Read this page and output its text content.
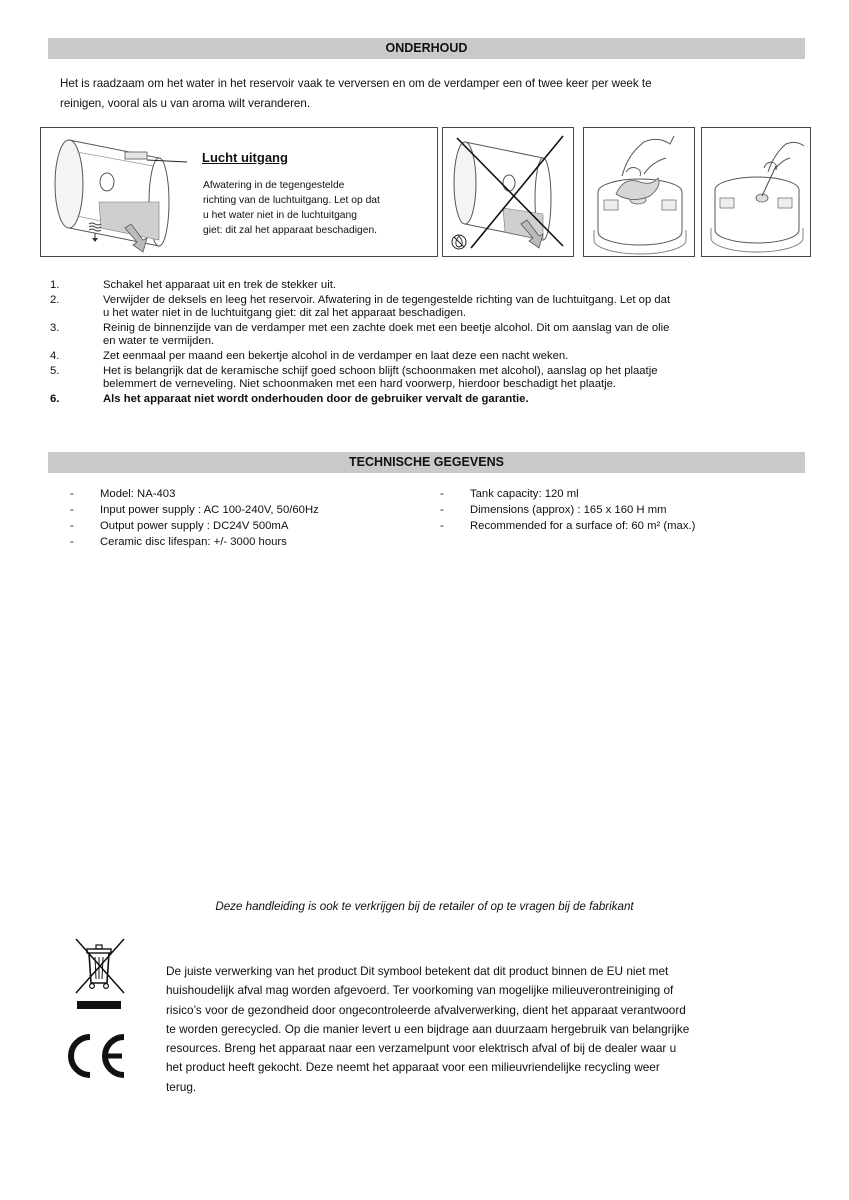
ONDERHOUD
Het is raadzaam om het water in het reservoir vaak te verversen en om de verdamper een of twee keer per week te
reinigen, vooral als u van aroma wilt veranderen.
Lucht uitgang
Afwatering in de tegengestelde
richting van de luchtuitgang. Let op dat
u het water niet in de luchtuitgang
giet: dit zal het apparaat beschadigen.
1.	Schakel het apparaat uit en trek de stekker uit.
2.	Verwijder de deksels en leeg het reservoir. Afwatering in de tegengestelde richting van de luchtuitgang. Let op dat
u het water niet in de luchtuitgang giet: dit zal het apparaat beschadigen.
3.	Reinig de binnenzijde van de verdamper met een zachte doek met een beetje alcohol. Dit om aanslag van de olie
en water te vermijden.
4.	Zet eenmaal per maand een bekertje alcohol in de verdamper en laat deze een nacht weken.
5.	Het is belangrijk dat de keramische schijf goed schoon blijft (schoonmaken met alcohol), aanslag op het plaatje
belemmert de verneveling. Niet schoonmaken met een hard voorwerp, hierdoor beschadigt het plaatje.
6.	Als het apparaat niet wordt onderhouden door de gebruiker vervalt de garantie.
TECHNISCHE GEGEVENS
- Model: NA-403
- Input power supply : AC 100-240V, 50/60Hz
- Output power supply : DC24V 500mA
- Ceramic disc lifespan: +/- 3000 hours
- Tank capacity: 120 ml
- Dimensions (approx) : 165 x 160 H mm
- Recommended for a surface of: 60 m² (max.)
Deze handleiding is ook te verkrijgen bij de retailer of op te vragen bij de fabrikant
De juiste verwerking van het product Dit symbool betekent dat dit product binnen de EU niet met
huishoudelijk afval mag worden afgevoerd. Ter voorkoming van mogelijke milieuverontreiniging of
risico’s voor de gezondheid door ongecontroleerde afvalverwerking, dient het apparaat verantwoord
te worden gerecycled. Op die manier levert u een bijdrage aan duurzaam hergebruik van belangrijke
resources. Breng het apparaat naar een verzamelpunt voor elektrisch afval of bij de dealer waar u
het product heeft gekocht. Deze neemt het apparaat voor een milieuvriendelijke recycling weer
terug.
